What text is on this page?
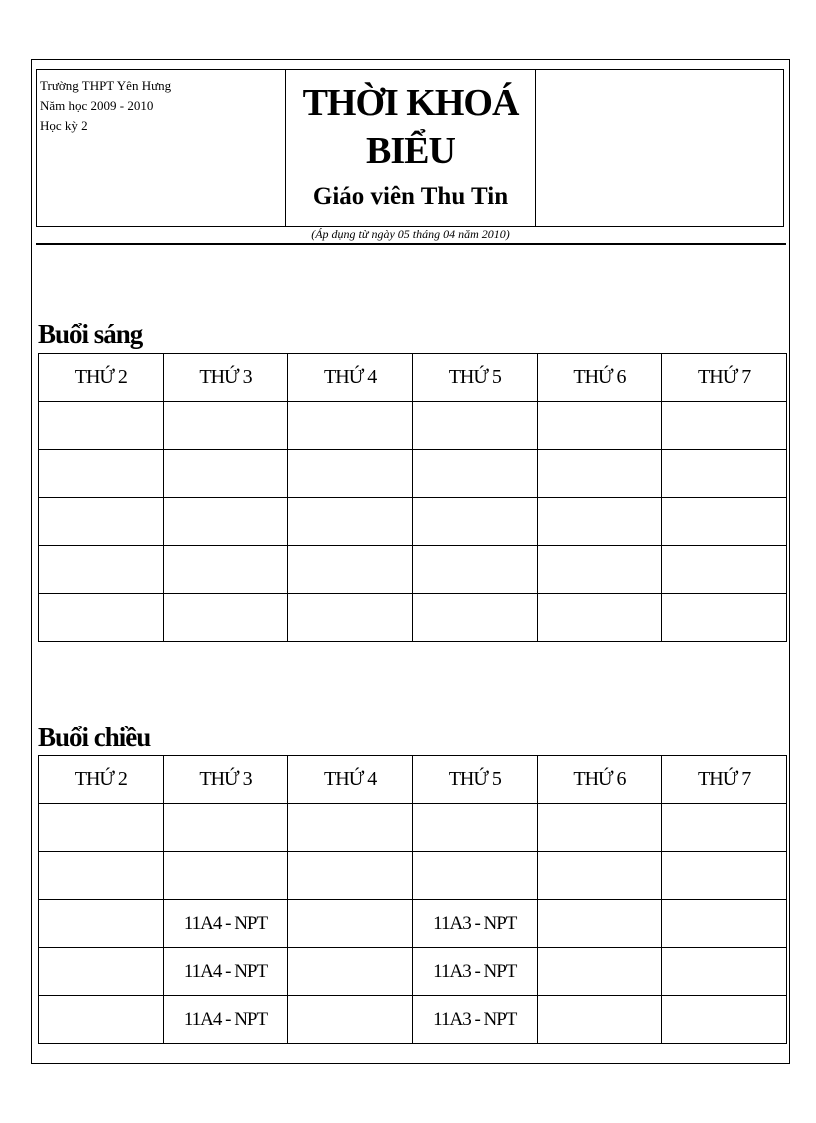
Trường THPT Yên Hưng
Năm học 2009 - 2010
Học kỳ 2
THỜI KHOÁ BIỂU
Giáo viên Thu Tin
(Áp dụng từ ngày 05 tháng 04 năm 2010)
Buổi sáng
THỨ 2	THỨ 3	THỨ 4	THỨ 5	THỨ 6	THỨ 7

Buổi chiều
THỨ 2	THỨ 3	THỨ 4	THỨ 5	THỨ 6	THỨ 7

	11A4 - NPT		11A3 - NPT		
	11A4 - NPT		11A3 - NPT		
	11A4 - NPT		11A3 - NPT		
